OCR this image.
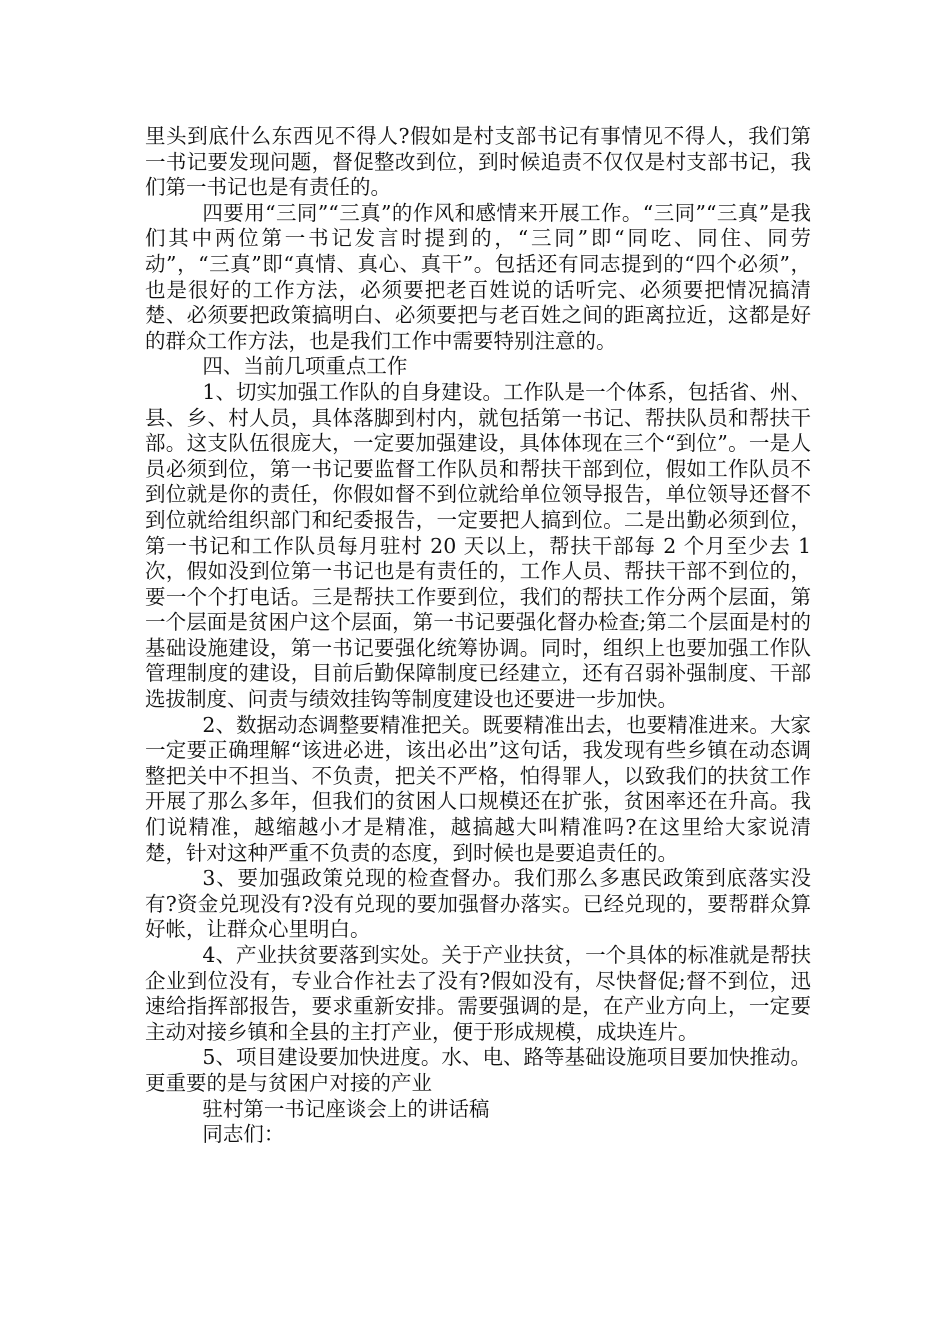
里头到底什么东西见不得人?假如是村支部书记有事情见不得人，我们第一书记要发现问题，督促整改到位，到时候追责不仅仅是村支部书记，我们第一书记也是有责任的。

四要用“三同”“三真”的作风和感情来开展工作。“三同”“三真”是我们其中两位第一书记发言时提到的，“三同”即“同吃、同住、同劳动”，“三真”即“真情、真心、真干”。包括还有同志提到的“四个必须”，也是很好的工作方法，必须要把老百姓说的话听完、必须要把情况搞清楚、必须要把政策搞明白、必须要把与老百姓之间的距离拉近，这都是好的群众工作方法，也是我们工作中需要特别注意的。

四、当前几项重点工作

1、切实加强工作队的自身建设。工作队是一个体系，包括省、州、县、乡、村人员，具体落脚到村内，就包括第一书记、帮扶队员和帮扶干部。这支队伍很庞大，一定要加强建设，具体体现在三个“到位”。一是人员必须到位，第一书记要监督工作队员和帮扶干部到位，假如工作队员不到位就是你的责任，你假如督不到位就给单位领导报告，单位领导还督不到位就给组织部门和纪委报告，一定要把人搞到位。二是出勤必须到位，第一书记和工作队员每月驻村 20 天以上，帮扶干部每 2 个月至少去 1 次，假如没到位第一书记也是有责任的，工作人员、帮扶干部不到位的，要一个个打电话。三是帮扶工作要到位，我们的帮扶工作分两个层面，第一个层面是贫困户这个层面，第一书记要强化督办检查;第二个层面是村的基础设施建设，第一书记要强化统筹协调。同时，组织上也要加强工作队管理制度的建设，目前后勤保障制度已经建立，还有召弱补强制度、干部选拔制度、问责与绩效挂钩等制度建设也还要进一步加快。

2、数据动态调整要精准把关。既要精准出去，也要精准进来。大家一定要正确理解“该进必进，该出必出”这句话，我发现有些乡镇在动态调整把关中不担当、不负责，把关不严格，怕得罪人，以致我们的扶贫工作开展了那么多年，但我们的贫困人口规模还在扩张，贫困率还在升高。我们说精准，越缩越小才是精准，越搞越大叫精准吗?在这里给大家说清楚，针对这种严重不负责的态度，到时候也是要追责任的。

3、要加强政策兑现的检查督办。我们那么多惠民政策到底落实没有?资金兑现没有?没有兑现的要加强督办落实。已经兑现的，要帮群众算好帐，让群众心里明白。

4、产业扶贫要落到实处。关于产业扶贫，一个具体的标准就是帮扶企业到位没有，专业合作社去了没有?假如没有，尽快督促;督不到位，迅速给指挥部报告，要求重新安排。需要强调的是，在产业方向上，一定要主动对接乡镇和全县的主打产业，便于形成规模，成块连片。

5、项目建设要加快进度。水、电、路等基础设施项目要加快推动。更重要的是与贫困户对接的产业

驻村第一书记座谈会上的讲话稿

同志们：
